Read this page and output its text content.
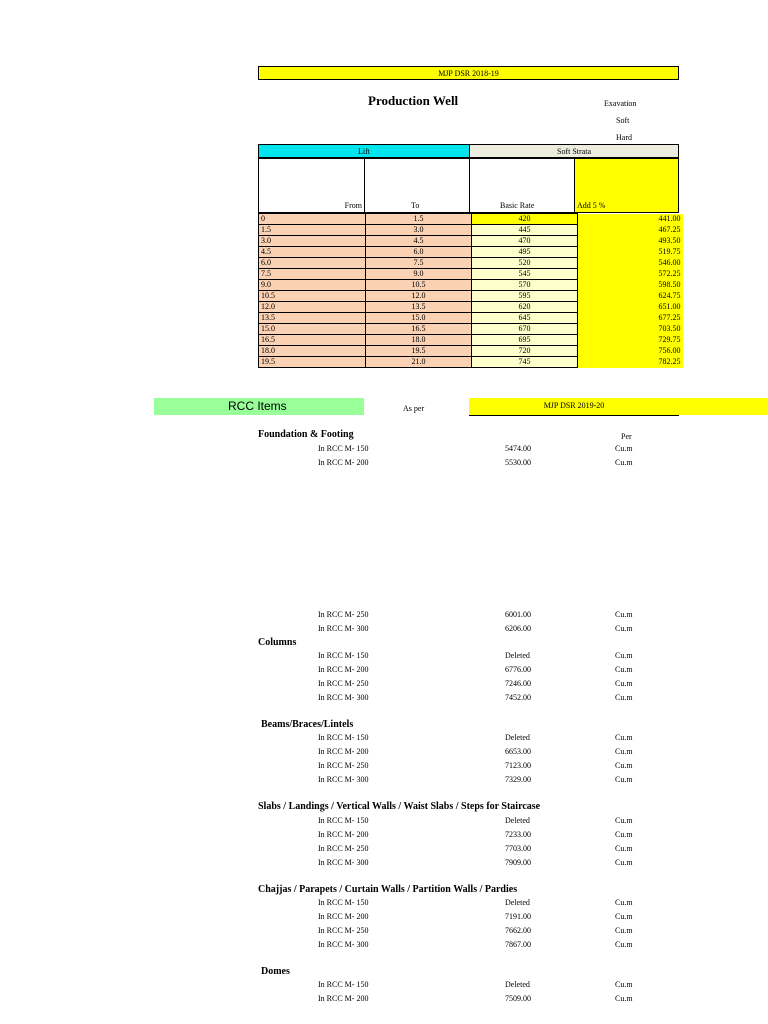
MJP DSR 2018-19
Production Well	Exavation
Soft
Hard
Lift	Soft Strata
From	To	Basic Rate	Add 5 %
0	1.5	420	441.00
1.5	3.0	445	467.25
3.0	4.5	470	493.50
4.5	6.0	495	519.75
6.0	7.5	520	546.00
7.5	9.0	545	572.25
9.0	10.5	570	598.50
10.5	12.0	595	624.75
12.0	13.5	620	651.00
13.5	15.0	645	677.25
15.0	16.5	670	703.50
16.5	18.0	695	729.75
18.0	19.5	720	756.00
19.5	21.0	745	782.25
RCC Items	As per	MJP DSR 2019-20
Per
Foundation & Footing
In RCC M- 150	5474.00	Cu.m
In RCC M- 200	5530.00	Cu.m
In RCC M- 250	6001.00	Cu.m
In RCC M- 300	6206.00	Cu.m
Columns
In RCC M- 150	Deleted	Cu.m
In RCC M- 200	6776.00	Cu.m
In RCC M- 250	7246.00	Cu.m
In RCC M- 300	7452.00	Cu.m
Beams/Braces/Lintels
In RCC M- 150	Deleted	Cu.m
In RCC M- 200	6653.00	Cu.m
In RCC M- 250	7123.00	Cu.m
In RCC M- 300	7329.00	Cu.m
Slabs / Landings / Vertical Walls / Waist Slabs / Steps for Staircase
In RCC M- 150	Deleted	Cu.m
In RCC M- 200	7233.00	Cu.m
In RCC M- 250	7703.00	Cu.m
In RCC M- 300	7909.00	Cu.m
Chajjas / Parapets / Curtain Walls / Partition Walls / Pardies
In RCC M- 150	Deleted	Cu.m
In RCC M- 200	7191.00	Cu.m
In RCC M- 250	7662.00	Cu.m
In RCC M- 300	7867.00	Cu.m
Domes
In RCC M- 150	Deleted	Cu.m
In RCC M- 200	7509.00	Cu.m
